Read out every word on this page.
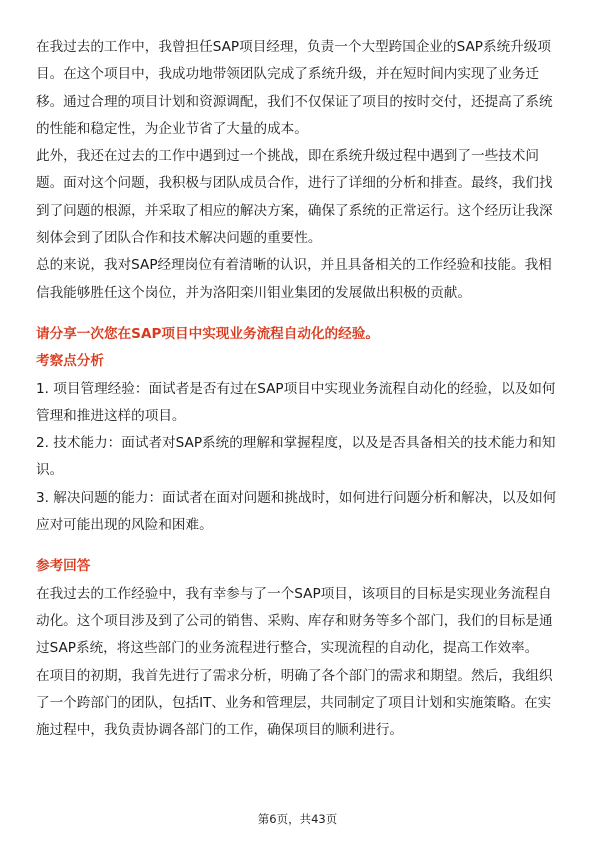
在我过去的工作中，我曾担任SAP项目经理，负责一个大型跨国企业的SAP系统升级项目。在这个项目中，我成功地带领团队完成了系统升级，并在短时间内实现了业务迁移。通过合理的项目计划和资源调配，我们不仅保证了项目的按时交付，还提高了系统的性能和稳定性，为企业节省了大量的成本。

此外，我还在过去的工作中遇到过一个挑战，即在系统升级过程中遇到了一些技术问题。面对这个问题，我积极与团队成员合作，进行了详细的分析和排查。最终，我们找到了问题的根源，并采取了相应的解决方案，确保了系统的正常运行。这个经历让我深刻体会到了团队合作和技术解决问题的重要性。

总的来说，我对SAP经理岗位有着清晰的认识，并且具备相关的工作经验和技能。我相信我能够胜任这个岗位，并为洛阳栾川钼业集团的发展做出积极的贡献。

请分享一次您在SAP项目中实现业务流程自动化的经验。

考察点分析

1. 项目管理经验：面试者是否有过在SAP项目中实现业务流程自动化的经验，以及如何管理和推进这样的项目。

2. 技术能力：面试者对SAP系统的理解和掌握程度，以及是否具备相关的技术能力和知识。

3. 解决问题的能力：面试者在面对问题和挑战时，如何进行问题分析和解决，以及如何应对可能出现的风险和困难。

参考回答

在我过去的工作经验中，我有幸参与了一个SAP项目，该项目的目标是实现业务流程自动化。这个项目涉及到了公司的销售、采购、库存和财务等多个部门，我们的目标是通过SAP系统，将这些部门的业务流程进行整合，实现流程的自动化，提高工作效率。

在项目的初期，我首先进行了需求分析，明确了各个部门的需求和期望。然后，我组织了一个跨部门的团队，包括IT、业务和管理层，共同制定了项目计划和实施策略。在实施过程中，我负责协调各部门的工作，确保项目的顺利进行。

第6页，共43页
